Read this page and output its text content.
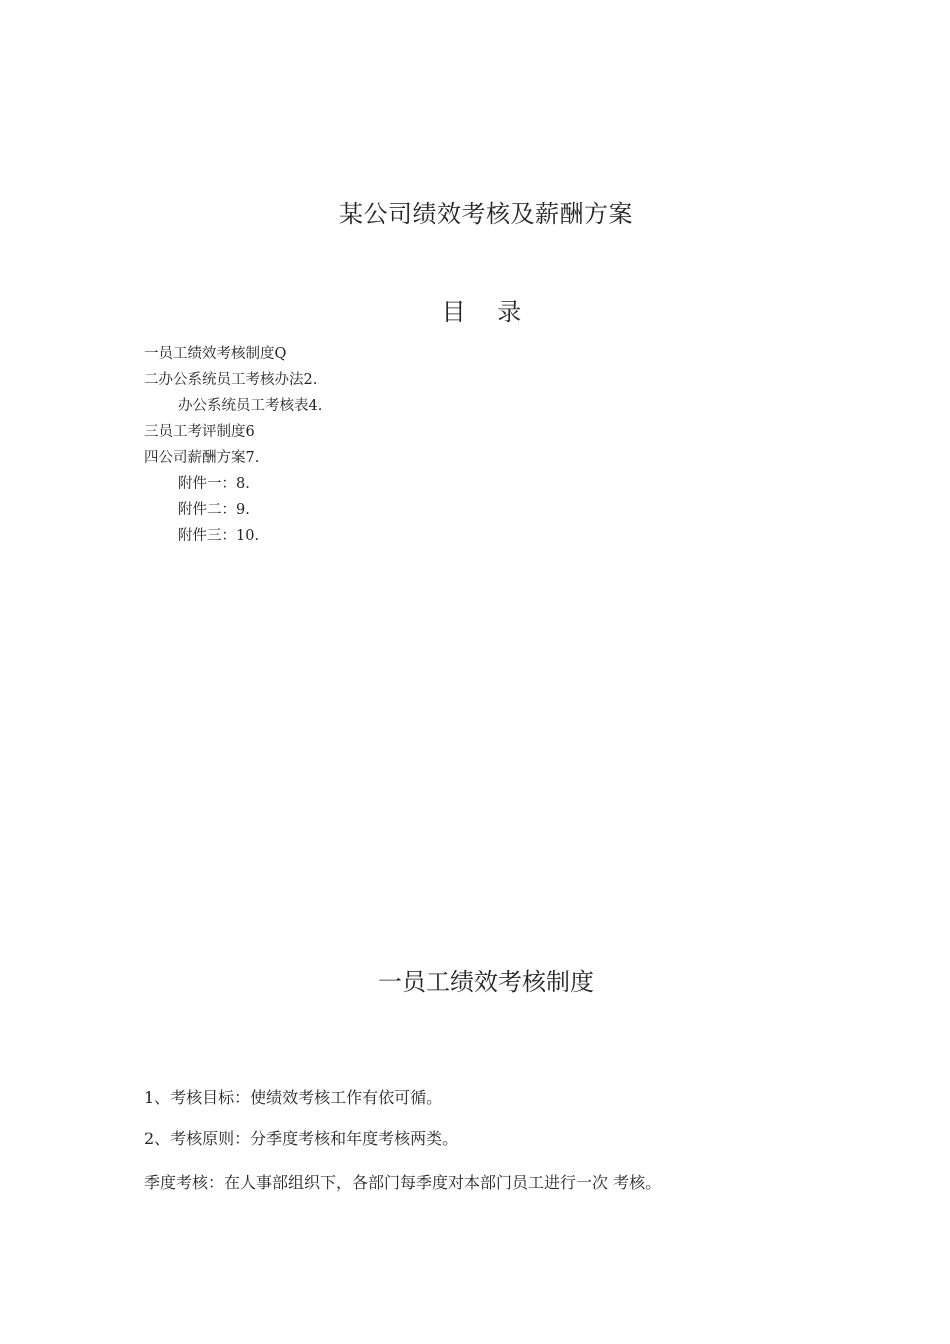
某公司绩效考核及薪酬方案
目 录
一员工绩效考核制度Q
二办公系统员工考核办法2.
办公系统员工考核表4.
三员工考评制度6
四公司薪酬方案7.
附件一：8.
附件二：9.
附件三：10.
一员工绩效考核制度
1、考核目标：使绩效考核工作有依可循。
2、考核原则：分季度考核和年度考核两类。
季度考核：在人事部组织下，各部门每季度对本部门员工进行一次 考核。
